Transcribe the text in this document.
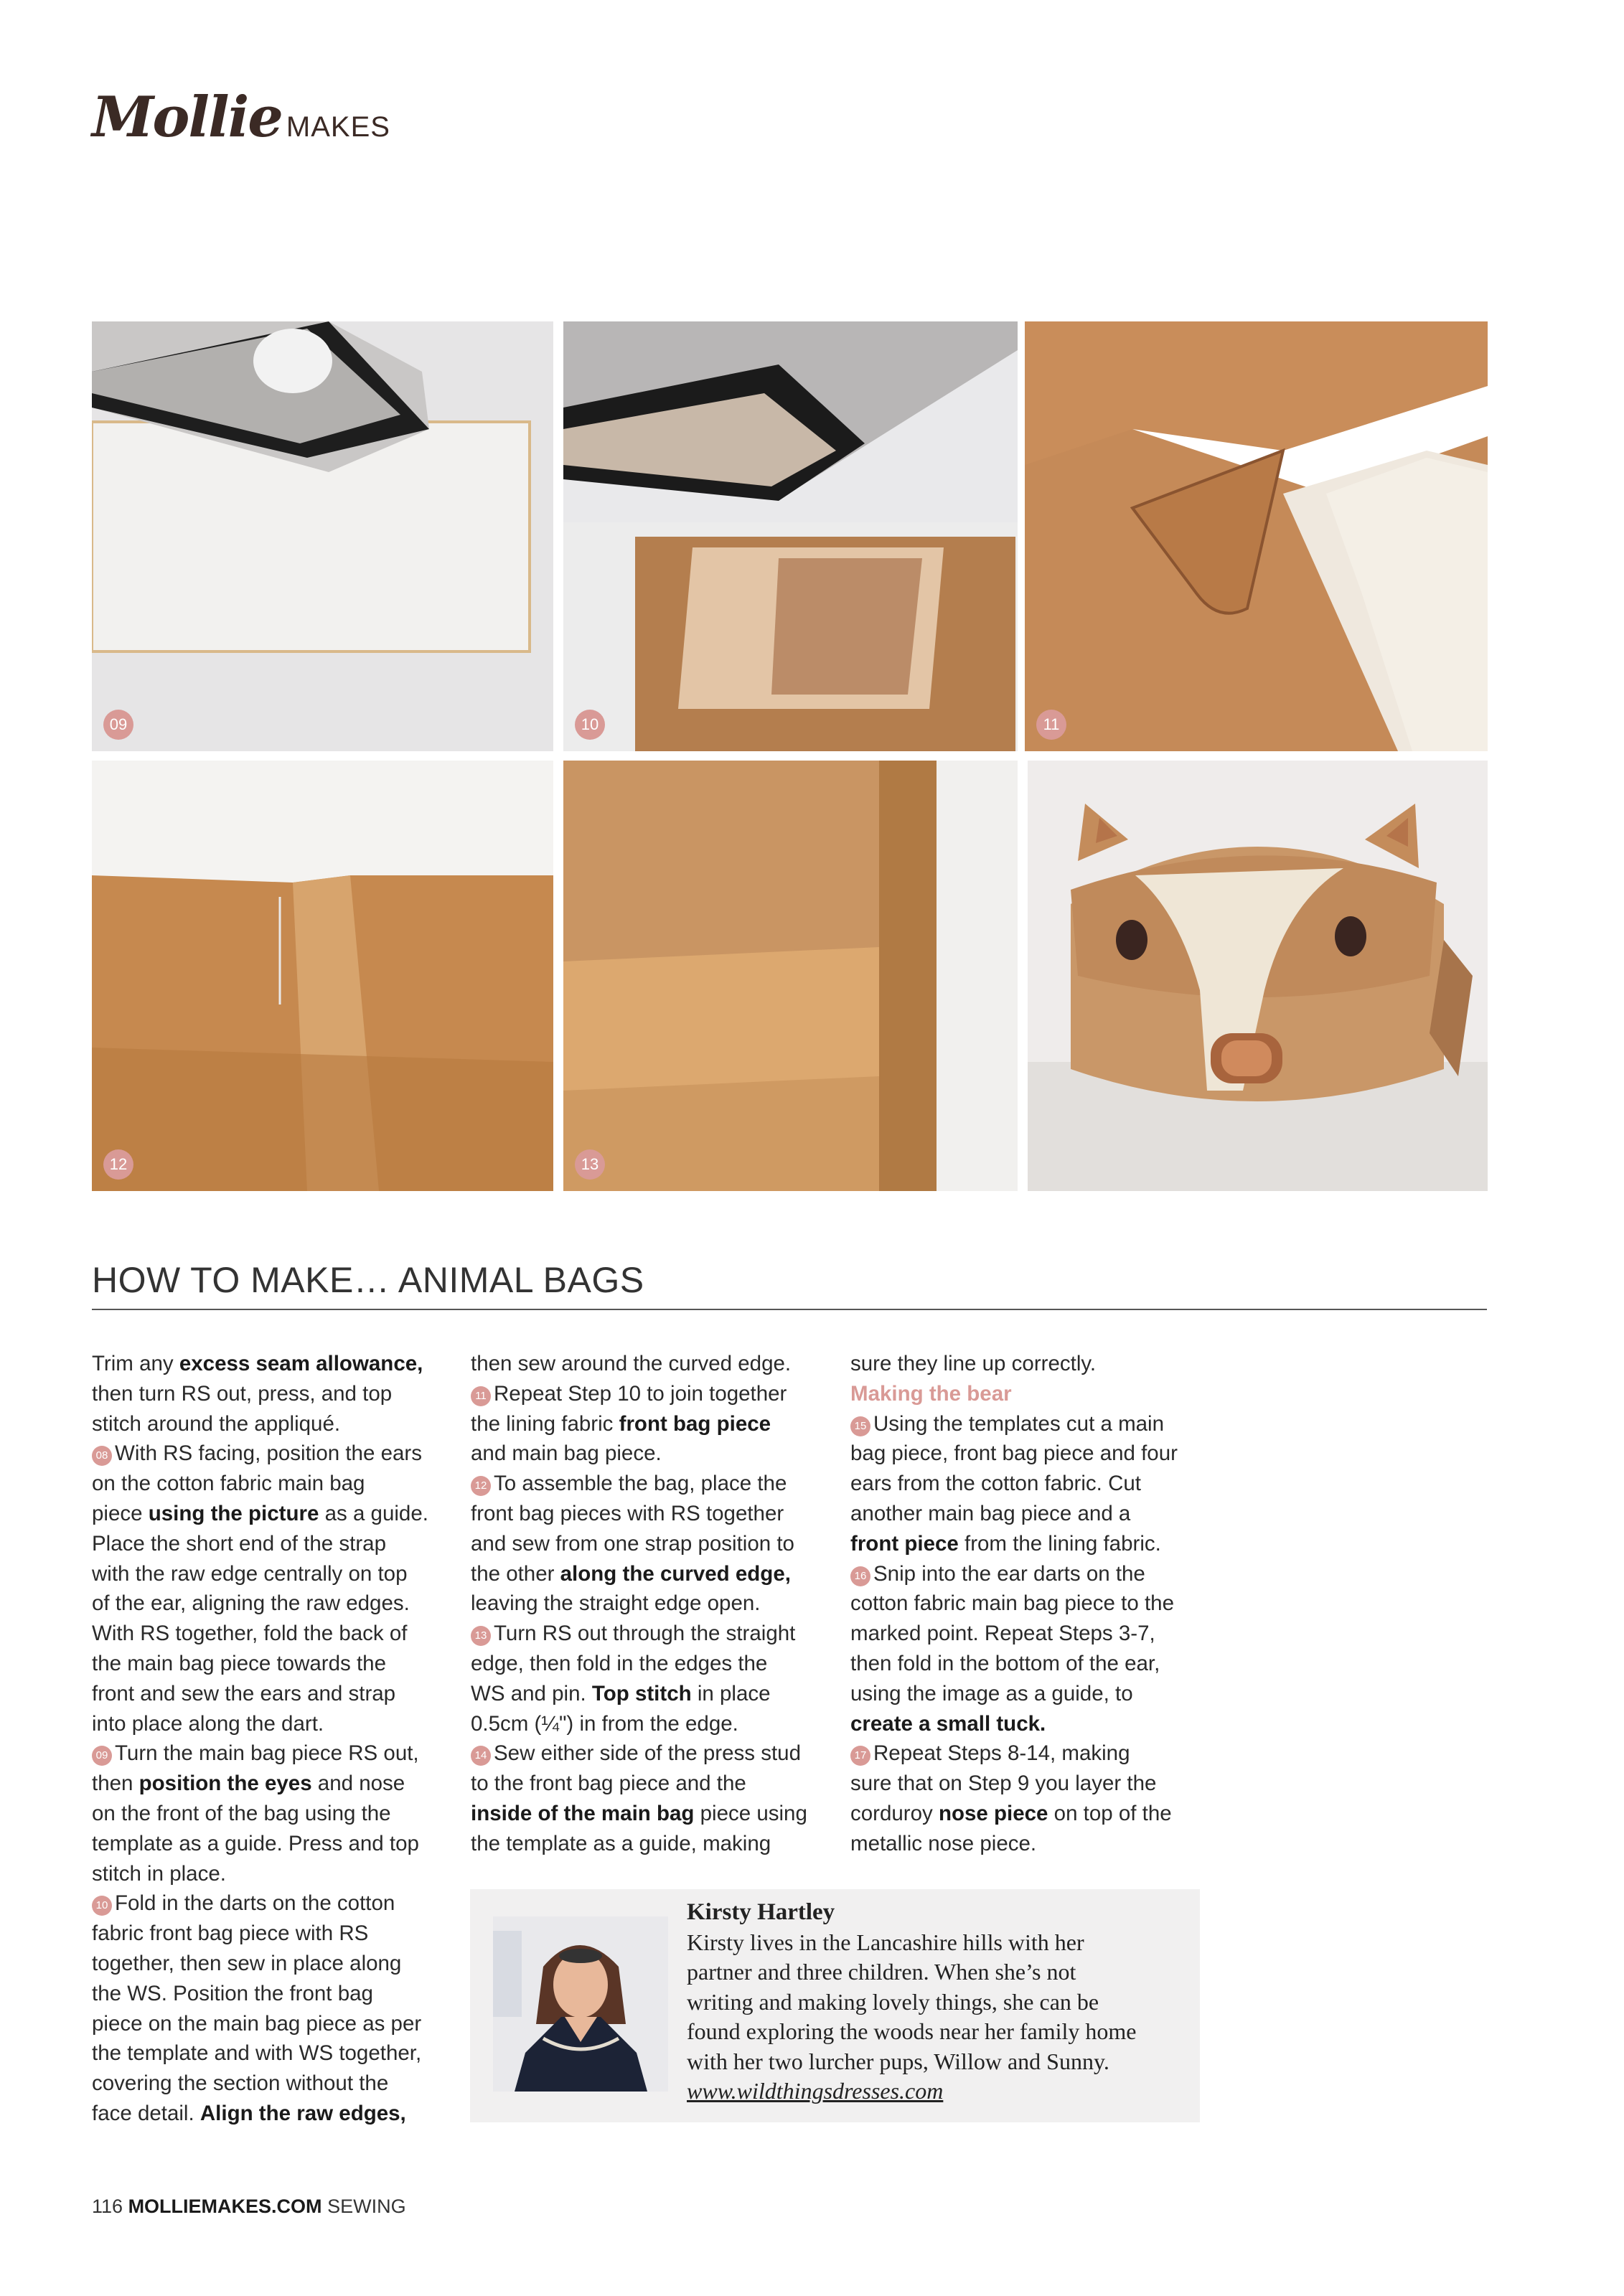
Mollie MAKES
09	10	11
12	13
HOW TO MAKE… ANIMAL BAGS

Trim any excess seam allowance,

then turn RS out, press, and top

stitch around the appliqué.

08 With RS facing, position the ears

on the cotton fabric main bag

piece using the picture as a guide.

Place the short end of the strap

with the raw edge centrally on top

of the ear, aligning the raw edges.

With RS together, fold the back of

the main bag piece towards the

front and sew the ears and strap

into place along the dart.

09 Turn the main bag piece RS out,

then position the eyes and nose

on the front of the bag using the

template as a guide. Press and top

stitch in place.

10 Fold in the darts on the cotton

fabric front bag piece with RS

together, then sew in place along

the WS. Position the front bag

piece on the main bag piece as per

the template and with WS together,

covering the section without the

face detail. Align the raw edges,

then sew around the curved edge.

11 Repeat Step 10 to join together

the lining fabric front bag piece

and main bag piece.

12 To assemble the bag, place the

front bag pieces with RS together

and sew from one strap position to

the other along the curved edge,

leaving the straight edge open.

13 Turn RS out through the straight

edge, then fold in the edges the

WS and pin. Top stitch in place

0.5cm (¼") in from the edge.

14 Sew either side of the press stud

to the front bag piece and the

inside of the main bag piece using

the template as a guide, making

sure they line up correctly.

Making the bear

15 Using the templates cut a main

bag piece, front bag piece and four

ears from the cotton fabric. Cut

another main bag piece and a

front piece from the lining fabric.

16 Snip into the ear darts on the

cotton fabric main bag piece to the

marked point. Repeat Steps 3-7,

then fold in the bottom of the ear,

using the image as a guide, to

create a small tuck.

17 Repeat Steps 8-14, making

sure that on Step 9 you layer the

corduroy nose piece on top of the

metallic nose piece.

Kirsty Hartley
Kirsty lives in the Lancashire hills with her
partner and three children. When she’s not
writing and making lovely things, she can be
found exploring the woods near her family home
with her two lurcher pups, Willow and Sunny.
www.wildthingsdresses.com
116 MOLLIEMAKES.COM SEWING
